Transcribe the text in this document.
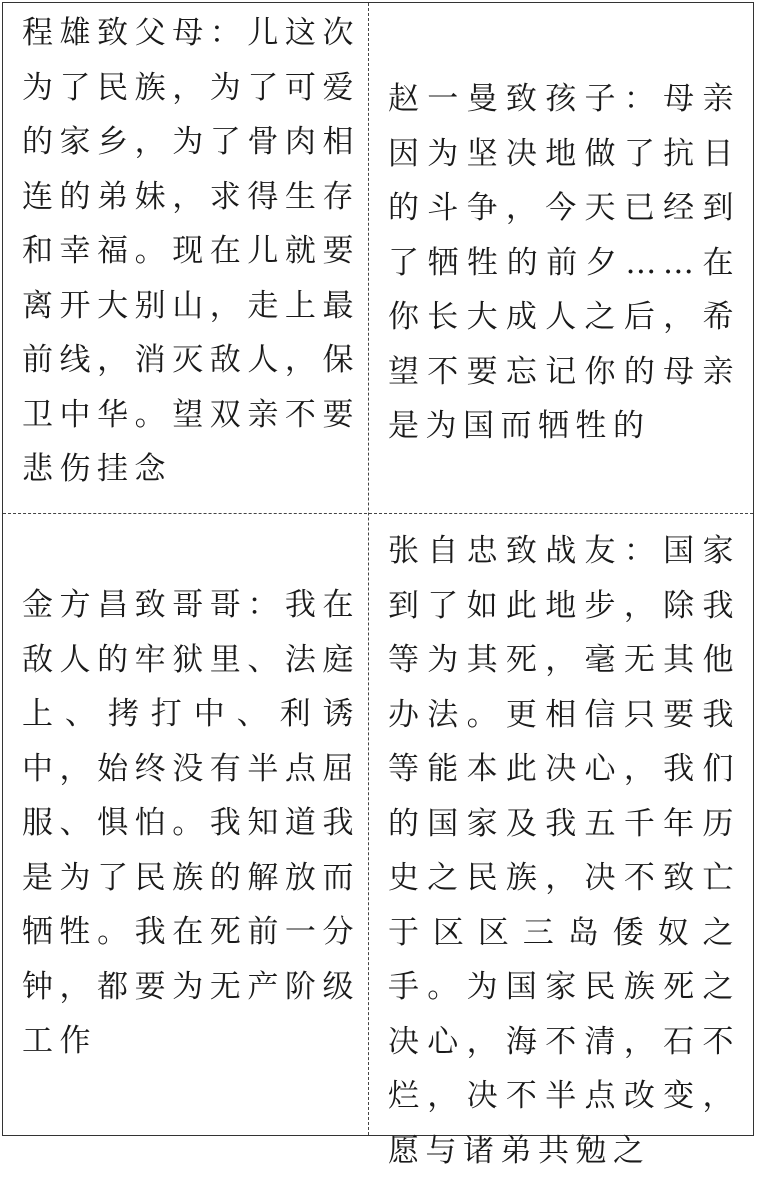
程雄致父母：儿这次为了民族，为了可爱的家乡，为了骨肉相连的弟妹，求得生存和幸福。现在儿就要离开大别山，走上最前线，消灭敌人，保卫中华。望双亲不要悲伤挂念
赵一曼致孩子：母亲因为坚决地做了抗日的斗争，今天已经到了牺牲的前夕……在你长大成人之后，希望不要忘记你的母亲是为国而牺牲的
金方昌致哥哥：我在敌人的牢狱里、法庭上、拷打中、利诱中，始终没有半点屈服、惧怕。我知道我是为了民族的解放而牺牲。我在死前一分钟，都要为无产阶级工作
张自忠致战友：国家到了如此地步，除我等为其死，毫无其他办法。更相信只要我等能本此决心，我们的国家及我五千年历史之民族，决不致亡于区区三岛倭奴之手。为国家民族死之决心，海不清，石不烂，决不半点改变，愿与诸弟共勉之
